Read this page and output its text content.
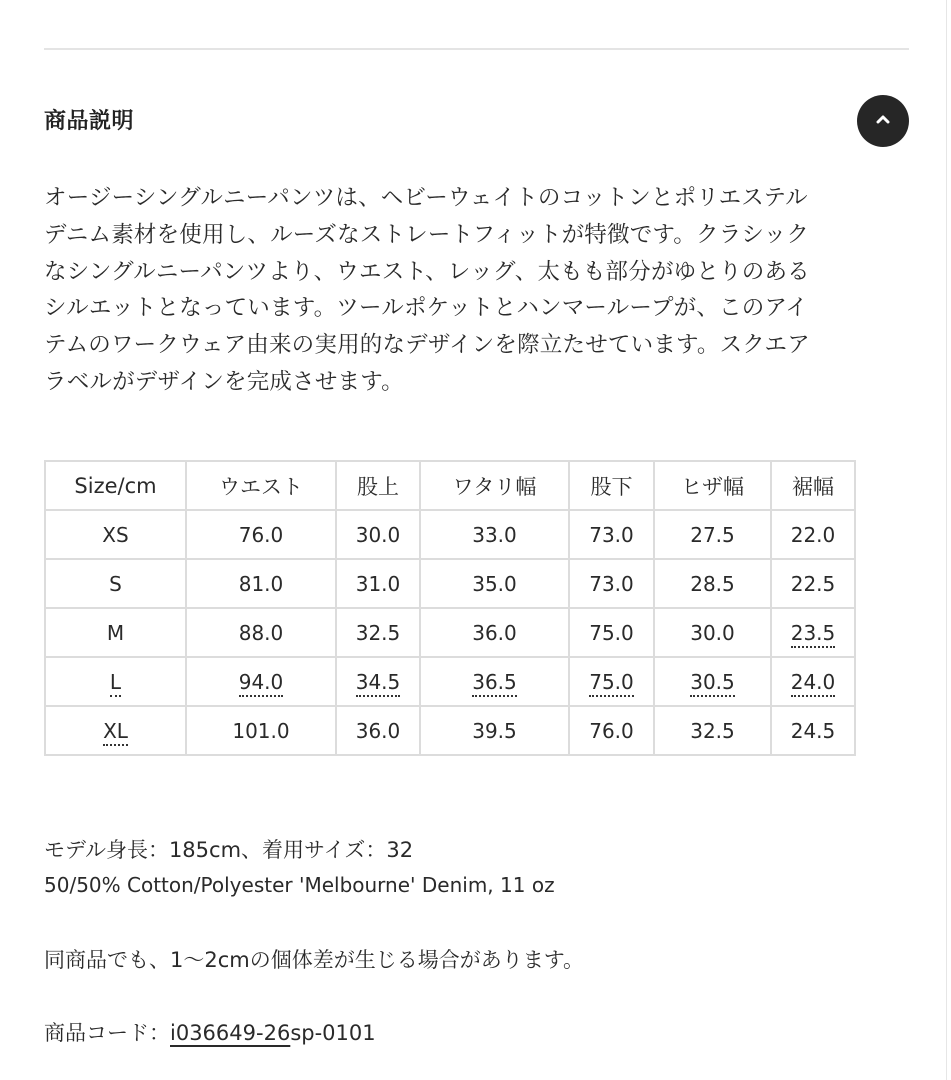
商品説明
オージーシングルニーパンツは、ヘビーウェイトのコットンとポリエステル
デニム素材を使用し、ルーズなストレートフィットが特徴です。クラシック
なシングルニーパンツより、ウエスト、レッグ、太もも部分がゆとりのある
シルエットとなっています。ツールポケットとハンマーループが、このアイ
テムのワークウェア由来の実用的なデザインを際立たせています。スクエア
ラベルがデザインを完成させます。
Size/cm	ウエスト	股上	ワタリ幅	股下	ヒザ幅	裾幅
XS	76.0	30.0	33.0	73.0	27.5	22.0
S	81.0	31.0	35.0	73.0	28.5	22.5
M	88.0	32.5	36.0	75.0	30.0	23.5
L	94.0	34.5	36.5	75.0	30.5	24.0
XL	101.0	36.0	39.5	76.0	32.5	24.5
モデル身長：185cm、着用サイズ：32
50/50% Cotton/Polyester 'Melbourne' Denim, 11 oz
同商品でも、1〜2cmの個体差が生じる場合があります。
商品コード：i036649-26sp-0101
